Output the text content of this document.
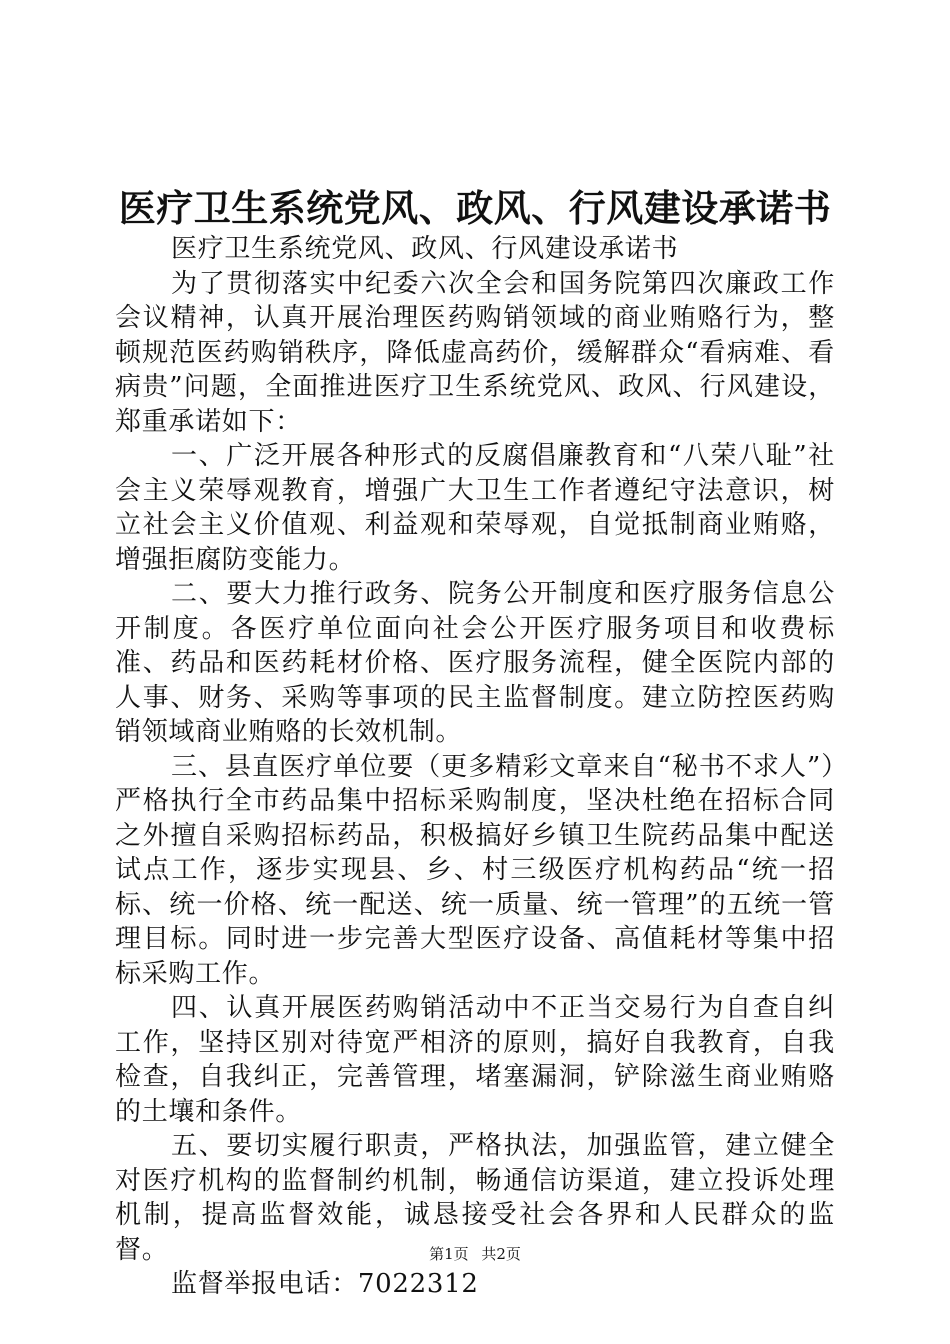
医疗卫生系统党风、政风、行风建设承诺书

医疗卫生系统党风、政风、行风建设承诺书

为了贯彻落实中纪委六次全会和国务院第四次廉政工作会议精神，认真开展治理医药购销领域的商业贿赂行为，整顿规范医药购销秩序，降低虚高药价，缓解群众“看病难、看病贵”问题，全面推进医疗卫生系统党风、政风、行风建设，郑重承诺如下：

一、广泛开展各种形式的反腐倡廉教育和“八荣八耻”社会主义荣辱观教育，增强广大卫生工作者遵纪守法意识，树立社会主义价值观、利益观和荣辱观，自觉抵制商业贿赂，增强拒腐防变能力。

二、要大力推行政务、院务公开制度和医疗服务信息公开制度。各医疗单位面向社会公开医疗服务项目和收费标准、药品和医药耗材价格、医疗服务流程，健全医院内部的人事、财务、采购等事项的民主监督制度。建立防控医药购销领域商业贿赂的长效机制。

三、县直医疗单位要（更多精彩文章来自“秘书不求人”）严格执行全市药品集中招标采购制度，坚决杜绝在招标合同之外擅自采购招标药品，积极搞好乡镇卫生院药品集中配送试点工作，逐步实现县、乡、村三级医疗机构药品“统一招标、统一价格、统一配送、统一质量、统一管理”的五统一管理目标。同时进一步完善大型医疗设备、高值耗材等集中招标采购工作。

四、认真开展医药购销活动中不正当交易行为自查自纠工作，坚持区别对待宽严相济的原则，搞好自我教育，自我检查，自我纠正，完善管理，堵塞漏洞，铲除滋生商业贿赂的土壤和条件。

五、要切实履行职责，严格执法，加强监管，建立健全对医疗机构的监督制约机制，畅通信访渠道，建立投诉处理机制，提高监督效能，诚恳接受社会各界和人民群众的监督。

监督举报电话：7022312

第1页 共2页
